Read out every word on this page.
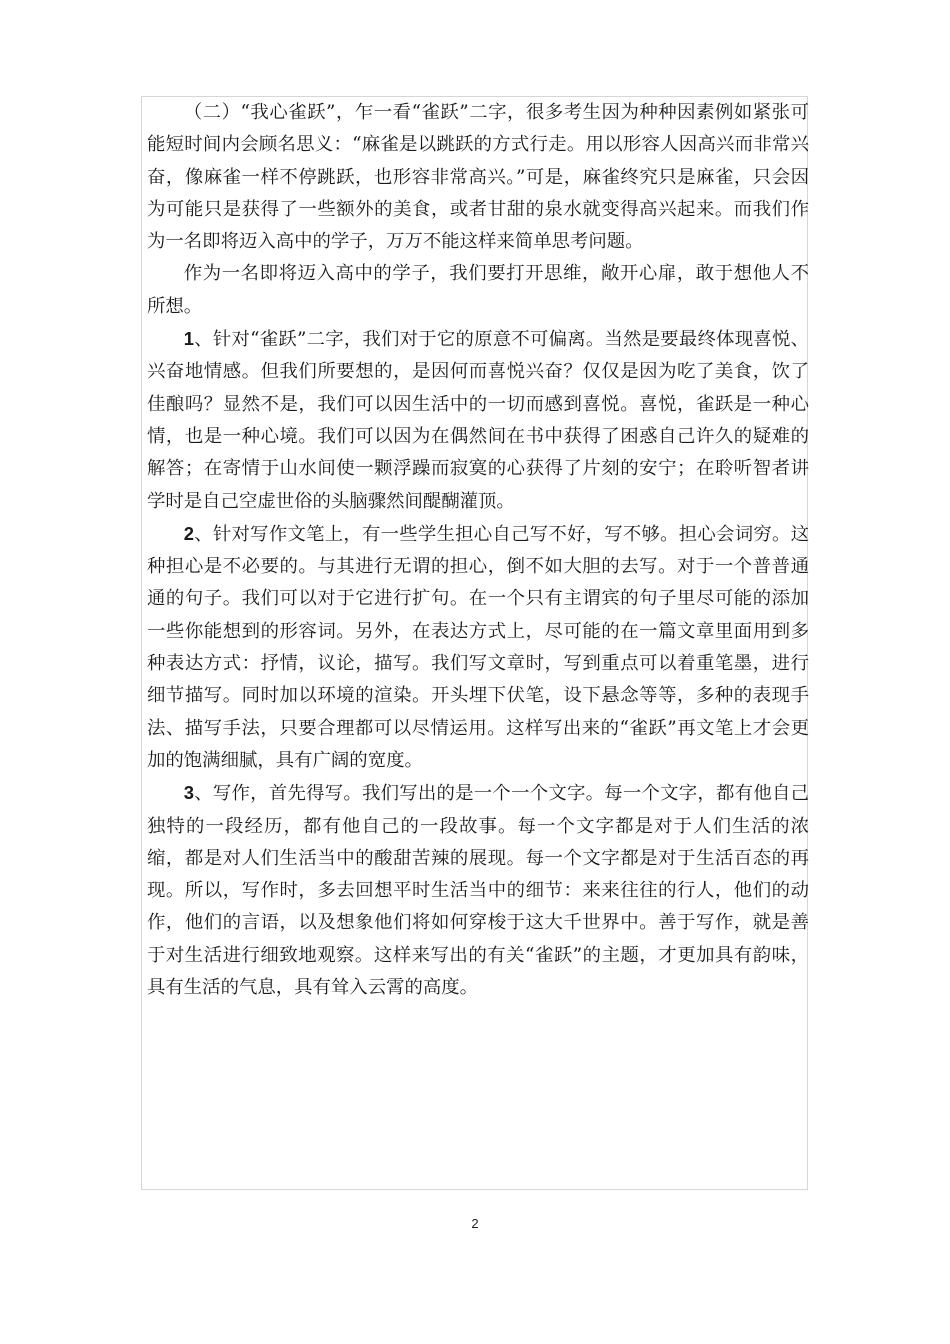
（二）“我心雀跃”，乍一看“雀跃”二字，很多考生因为种种因素例如紧张可能短时间内会顾名思义：“麻雀是以跳跃的方式行走。用以形容人因高兴而非常兴奋，像麻雀一样不停跳跃，也形容非常高兴。”可是，麻雀终究只是麻雀，只会因为可能只是获得了一些额外的美食，或者甘甜的泉水就变得高兴起来。而我们作为一名即将迈入高中的学子，万万不能这样来简单思考问题。

作为一名即将迈入高中的学子，我们要打开思维，敞开心扉，敢于想他人不所想。

1、针对“雀跃”二字，我们对于它的原意不可偏离。当然是要最终体现喜悦、兴奋地情感。但我们所要想的，是因何而喜悦兴奋？仅仅是因为吃了美食，饮了佳酿吗？显然不是，我们可以因生活中的一切而感到喜悦。喜悦，雀跃是一种心情，也是一种心境。我们可以因为在偶然间在书中获得了困惑自己许久的疑难的解答；在寄情于山水间使一颗浮躁而寂寞的心获得了片刻的安宁；在聆听智者讲学时是自己空虚世俗的头脑骤然间醍醐灌顶。

2、针对写作文笔上，有一些学生担心自己写不好，写不够。担心会词穷。这种担心是不必要的。与其进行无谓的担心，倒不如大胆的去写。对于一个普普通通的句子。我们可以对于它进行扩句。在一个只有主谓宾的句子里尽可能的添加一些你能想到的形容词。另外，在表达方式上，尽可能的在一篇文章里面用到多种表达方式：抒情，议论，描写。我们写文章时，写到重点可以着重笔墨，进行细节描写。同时加以环境的渲染。开头埋下伏笔，设下悬念等等，多种的表现手法、描写手法，只要合理都可以尽情运用。这样写出来的“雀跃”再文笔上才会更加的饱满细腻，具有广阔的宽度。

3、写作，首先得写。我们写出的是一个一个文字。每一个文字，都有他自己独特的一段经历，都有他自己的一段故事。每一个文字都是对于人们生活的浓缩，都是对人们生活当中的酸甜苦辣的展现。每一个文字都是对于生活百态的再现。所以，写作时，多去回想平时生活当中的细节：来来往往的行人，他们的动作，他们的言语，以及想象他们将如何穿梭于这大千世界中。善于写作，就是善于对生活进行细致地观察。这样来写出的有关“雀跃”的主题，才更加具有韵味，具有生活的气息，具有耸入云霄的高度。

2
